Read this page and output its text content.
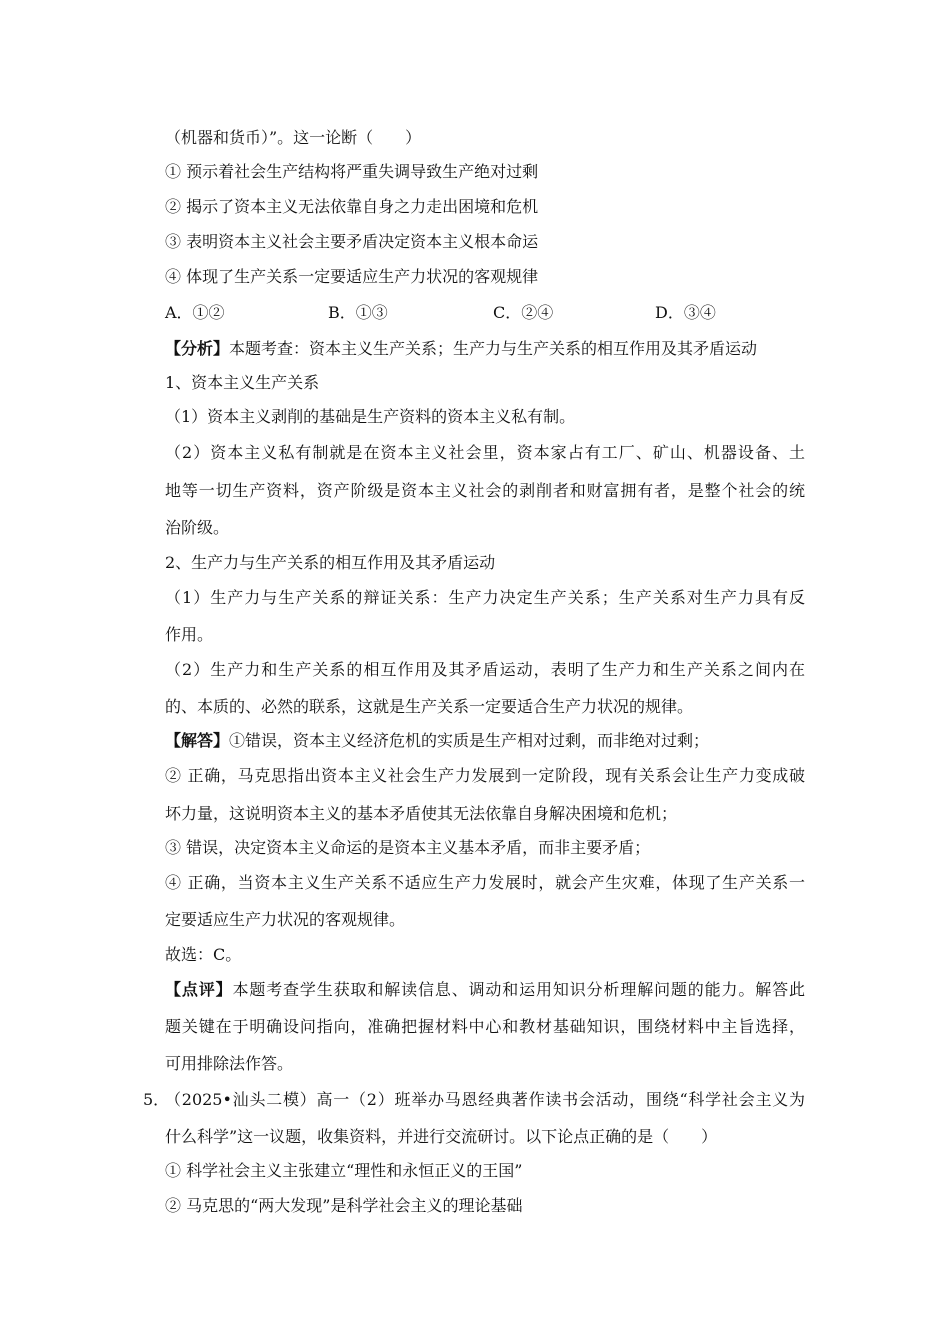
（机器和货币）”。这一论断（　　）
① 预示着社会生产结构将严重失调导致生产绝对过剩
② 揭示了资本主义无法依靠自身之力走出困境和危机
③ 表明资本主义社会主要矛盾决定资本主义根本命运
④ 体现了生产关系一定要适应生产力状况的客观规律
A．①②	B．①③	C．②④	D．③④
【分析】本题考查：资本主义生产关系；生产力与生产关系的相互作用及其矛盾运动
1、资本主义生产关系
（1）资本主义剥削的基础是生产资料的资本主义私有制。
（2）资本主义私有制就是在资本主义社会里，资本家占有工厂、矿山、机器设备、土
地等一切生产资料，资产阶级是资本主义社会的剥削者和财富拥有者，是整个社会的统
治阶级。
2、生产力与生产关系的相互作用及其矛盾运动
（1）生产力与生产关系的辩证关系：生产力决定生产关系；生产关系对生产力具有反
作用。
（2）生产力和生产关系的相互作用及其矛盾运动，表明了生产力和生产关系之间内在
的、本质的、必然的联系，这就是生产关系一定要适合生产力状况的规律。
【解答】①错误，资本主义经济危机的实质是生产相对过剩，而非绝对过剩；
② 正确，马克思指出资本主义社会生产力发展到一定阶段，现有关系会让生产力变成破
坏力量，这说明资本主义的基本矛盾使其无法依靠自身解决困境和危机；
③ 错误，决定资本主义命运的是资本主义基本矛盾，而非主要矛盾；
④ 正确，当资本主义生产关系不适应生产力发展时，就会产生灾难，体现了生产关系一
定要适应生产力状况的客观规律。
故选：C。
【点评】本题考查学生获取和解读信息、调动和运用知识分析理解问题的能力。解答此
题关键在于明确设问指向，准确把握材料中心和教材基础知识，围绕材料中主旨选择，
可用排除法作答。
5．
（2025•汕头二模）高一（2）班举办马恩经典著作读书会活动，围绕“科学社会主义为
什么科学”这一议题，收集资料，并进行交流研讨。以下论点正确的是（　　）
① 科学社会主义主张建立“理性和永恒正义的王国”
② 马克思的“两大发现”是科学社会主义的理论基础
